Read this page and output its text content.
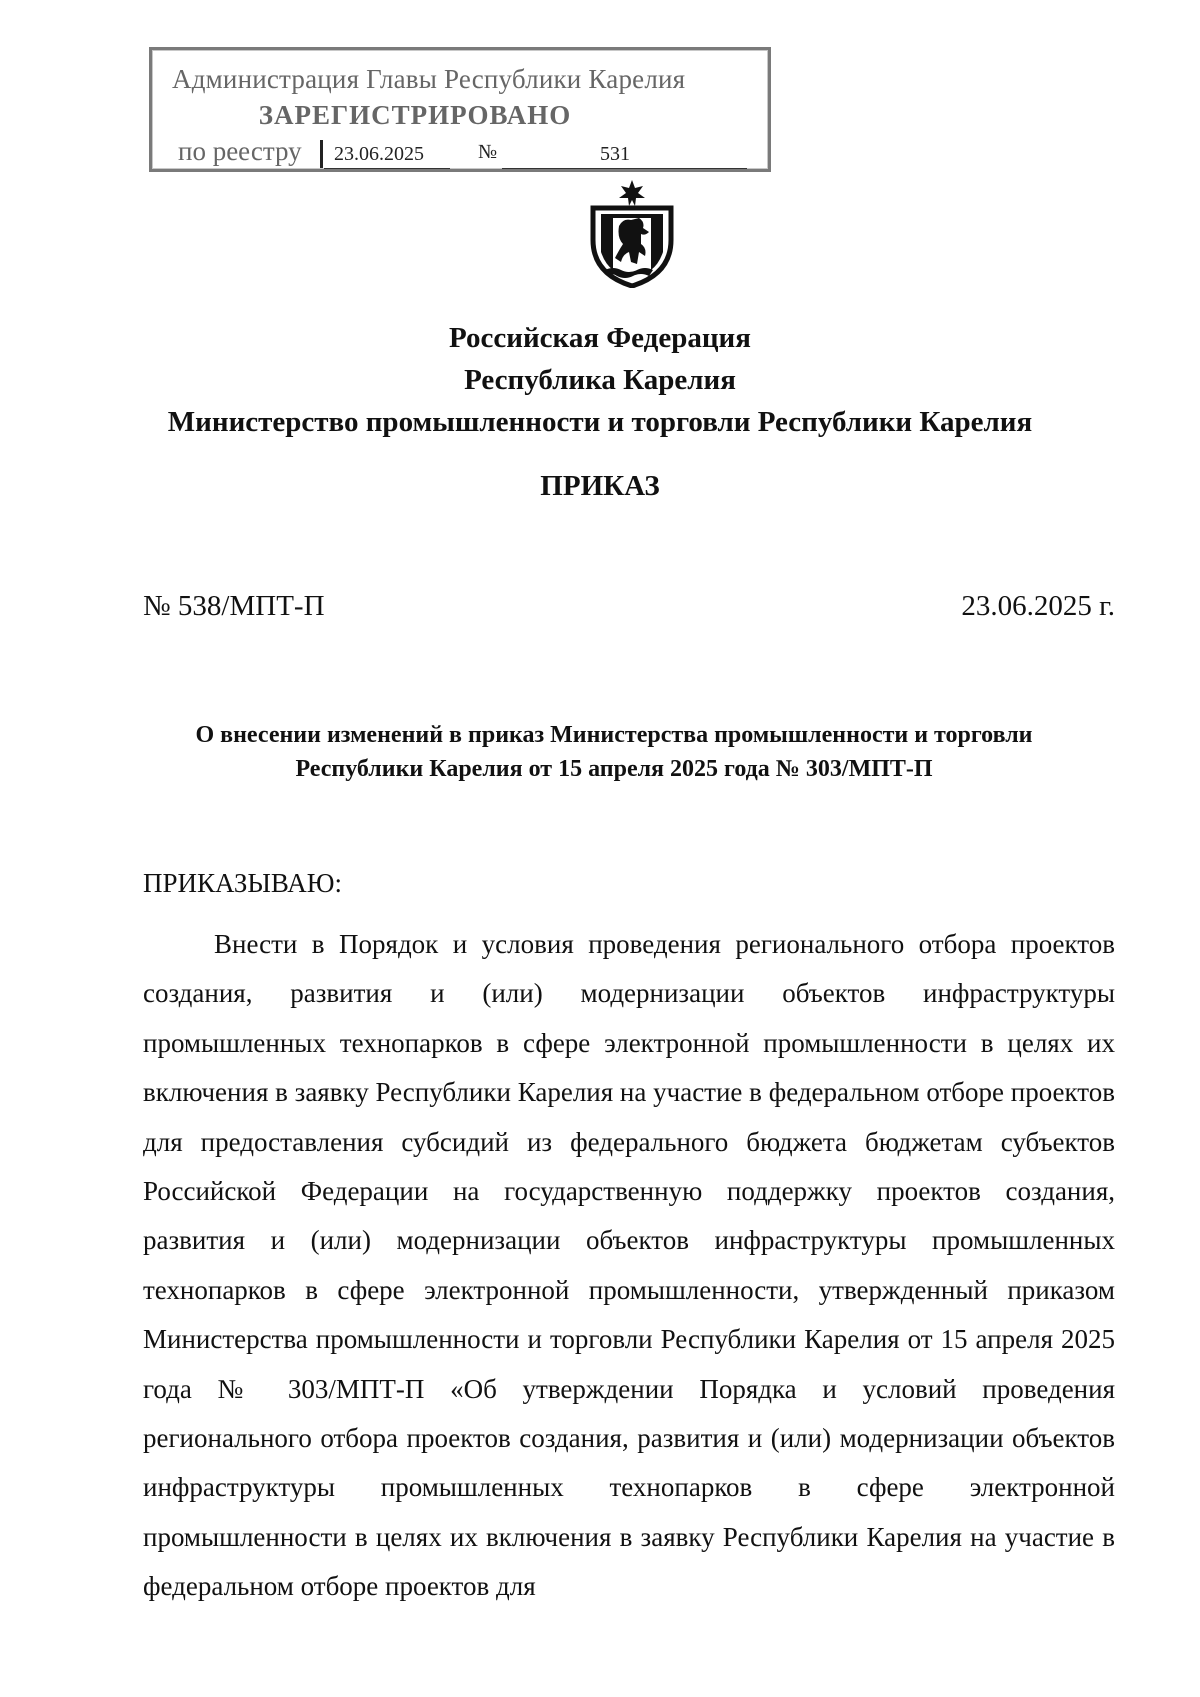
Администрация Главы Республики Карелия
ЗАРЕГИСТРИРОВАНО
по реестру 23.06.2025	№	531
Российская Федерация
Республика Карелия
Министерство промышленности и торговли Республики Карелия
ПРИКАЗ
№ 538/МПТ-П	23.06.2025 г.
О внесении изменений в приказ Министерства промышленности и торговли Республики Карелия от 15 апреля 2025 года № 303/МПТ-П
ПРИКАЗЫВАЮ:
Внести в Порядок и условия проведения регионального отбора проектов создания, развития и (или) модернизации объектов инфраструктуры промышленных технопарков в сфере электронной промышленности в целях их включения в заявку Республики Карелия на участие в федеральном отборе проектов для предоставления субсидий из федерального бюджета бюджетам субъектов Российской Федерации на государственную поддержку проектов создания, развития и (или) модернизации объектов инфраструктуры промышленных технопарков в сфере электронной промышленности, утвержденный приказом Министерства промышленности и торговли Республики Карелия от 15 апреля 2025 года № 303/МПТ-П «Об утверждении Порядка и условий проведения регионального отбора проектов создания, развития и (или) модернизации объектов инфраструктуры промышленных технопарков в сфере электронной промышленности в целях их включения в заявку Республики Карелия на участие в федеральном отборе проектов для
